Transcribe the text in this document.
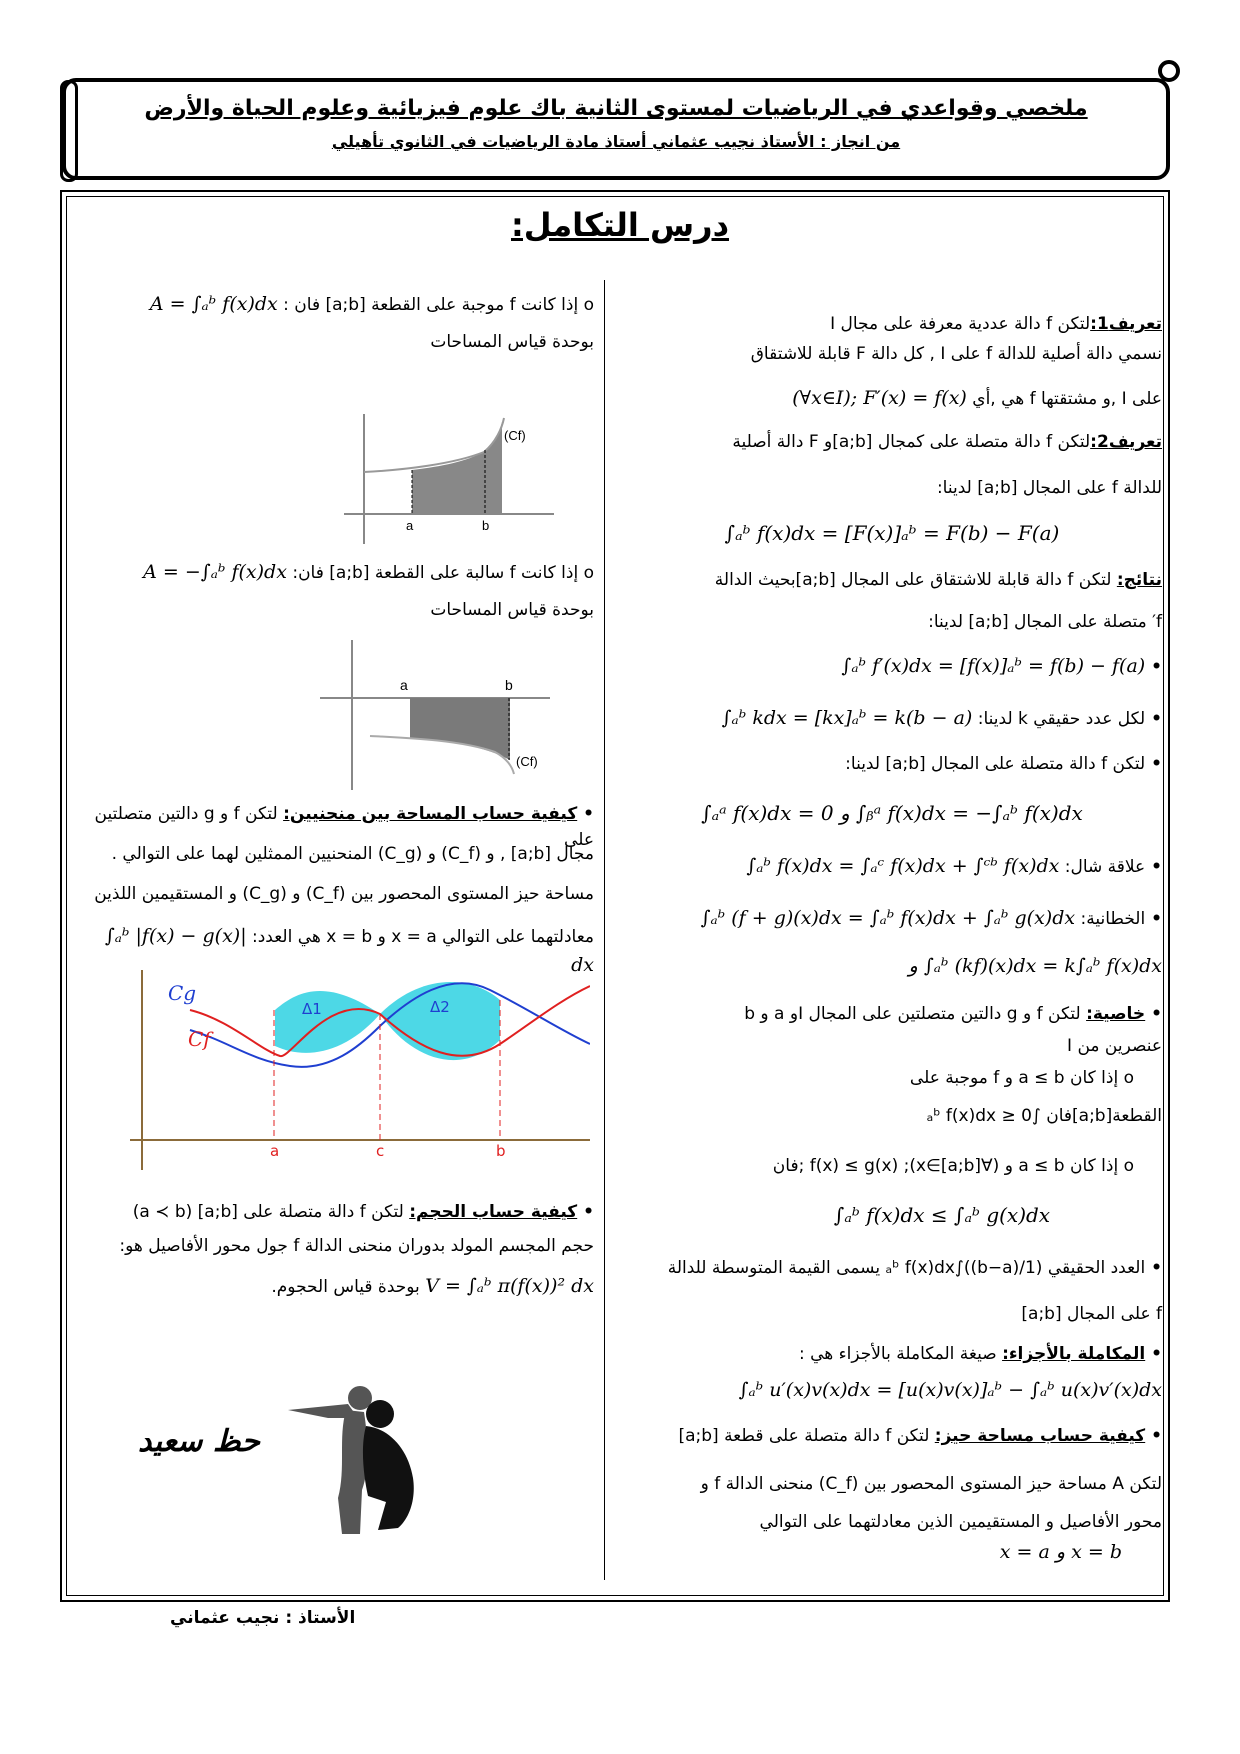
ملخصي وقواعدي في الرياضيات لمستوى الثانية باك علوم فيزيائية وعلوم الحياة والأرض
من انجاز : الأستاذ نجيب عثماني أستاذ مادة الرياضيات في الثانوي تأهيلي
درس التكامل:
تعريف1:لتكن f دالة عددية معرفة على مجال I
نسمي دالة أصلية للدالة f على I , كل دالة F قابلة للاشتقاق
على I ,و مشتقتها f هي ,أي (∀x∈I); F′(x) = f(x)
تعريف2:لتكن f دالة متصلة على كمجال [a;b]و F دالة أصلية
للدالة f على المجال [a;b] لدينا:
∫ₐᵇ f(x)dx = [F(x)]ₐᵇ = F(b) − F(a)
نتائج: لتكن f دالة قابلة للاشتقاق على المجال [a;b]بحيث الدالة
f′ متصلة على المجال [a;b] لدينا:
• ∫ₐᵇ f′(x)dx = [f(x)]ₐᵇ = f(b) − f(a)
• لكل عدد حقيقي k لدينا: ∫ₐᵇ kdx = [kx]ₐᵇ = k(b − a)
• لتكن f دالة متصلة على المجال [a;b] لدينا:
∫ₐᵃ f(x)dx = 0 و ∫ᵦᵃ f(x)dx = −∫ₐᵇ f(x)dx
• علاقة شال: ∫ₐᵇ f(x)dx = ∫ₐᶜ f(x)dx + ∫ᶜᵇ f(x)dx
• الخطانية: ∫ₐᵇ (f + g)(x)dx = ∫ₐᵇ f(x)dx + ∫ₐᵇ g(x)dx
و ∫ₐᵇ (kf)(x)dx = k∫ₐᵇ f(x)dx
• خاصية: لتكن f و g دالتين متصلتين على المجال Iو a و b
عنصرين من I
o إذا كان a ≤ b و f موجبة على
القطعة[a;b]فان ∫ₐᵇ f(x)dx ≥ 0
o إذا كان a ≤ b و (∀x∈[a;b]); f(x) ≤ g(x) ;فان
∫ₐᵇ f(x)dx ≤ ∫ₐᵇ g(x)dx
• العدد الحقيقي (1/(b−a))∫ₐᵇ f(x)dx يسمى القيمة المتوسطة للدالة
f على المجال [a;b]
• المكاملة بالأجزاء: صيغة المكاملة بالأجزاء هي :
∫ₐᵇ u′(x)v(x)dx = [u(x)v(x)]ₐᵇ − ∫ₐᵇ u(x)v′(x)dx
• كيفية حساب مساحة حيز: لتكن f دالة متصلة على قطعة [a;b]
لتكن A مساحة حيز المستوى المحصور بين (C_f) منحنى الدالة f و
محور الأفاصيل و المستقيمين الذين معادلتهما على التوالي
x = a و x = b
o إذا كانت f موجبة على القطعة [a;b] فان : A = ∫ₐᵇ f(x)dx
بوحدة قياس المساحات
o إذا كانت f سالبة على القطعة [a;b] فان: A = −∫ₐᵇ f(x)dx
بوحدة قياس المساحات
• كيفية حساب المساحة بين منحنيين: لتكن f و g دالتين متصلتين على
مجال [a;b] , و (C_f) و (C_g) المنحنيين الممثلين لهما على التوالي .
مساحة حيز المستوى المحصور بين (C_f) و (C_g) و المستقيمين اللذين
معادلتهما على التوالي x = a و x = b هي العدد: ∫ₐᵇ |f(x) − g(x)| dx
• كيفية حساب الحجم: لتكن f دالة متصلة على [a;b] (a ≺ b)
حجم المجسم المولد بدوران منحنى الدالة f جول محور الأفاصيل هو:
V = ∫ₐᵇ π(f(x))² dx بوحدة قياس الحجوم.
a	b
(Cf)
a	b
(Cf)
Cg
Cf
Δ1	Δ2
a	c	b
حظ سعيد
الأستاذ : نجيب عثماني
